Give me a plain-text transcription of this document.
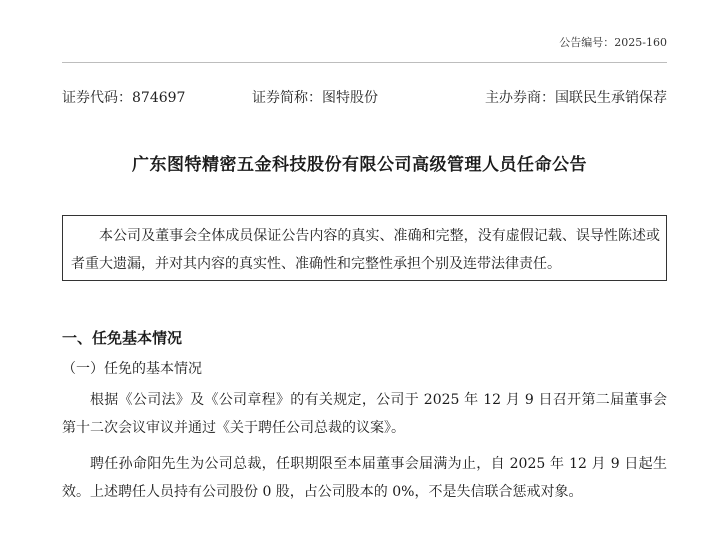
公告编号：2025-160
证券代码：874697	证券简称：图特股份	主办券商：国联民生承销保荐
广东图特精密五金科技股份有限公司高级管理人员任命公告

本公司及董事会全体成员保证公告内容的真实、准确和完整，没有虚假记载、误导性陈述或者重大遗漏，并对其内容的真实性、准确性和完整性承担个别及连带法律责任。

一、任免基本情况
（一）任免的基本情况

根据《公司法》及《公司章程》的有关规定，公司于 2025 年 12 月 9 日召开第二届董事会第十二次会议审议并通过《关于聘任公司总裁的议案》。

聘任孙命阳先生为公司总裁，任职期限至本届董事会届满为止，自 2025 年 12 月 9 日起生效。上述聘任人员持有公司股份 0 股，占公司股本的 0%，不是失信联合惩戒对象。
